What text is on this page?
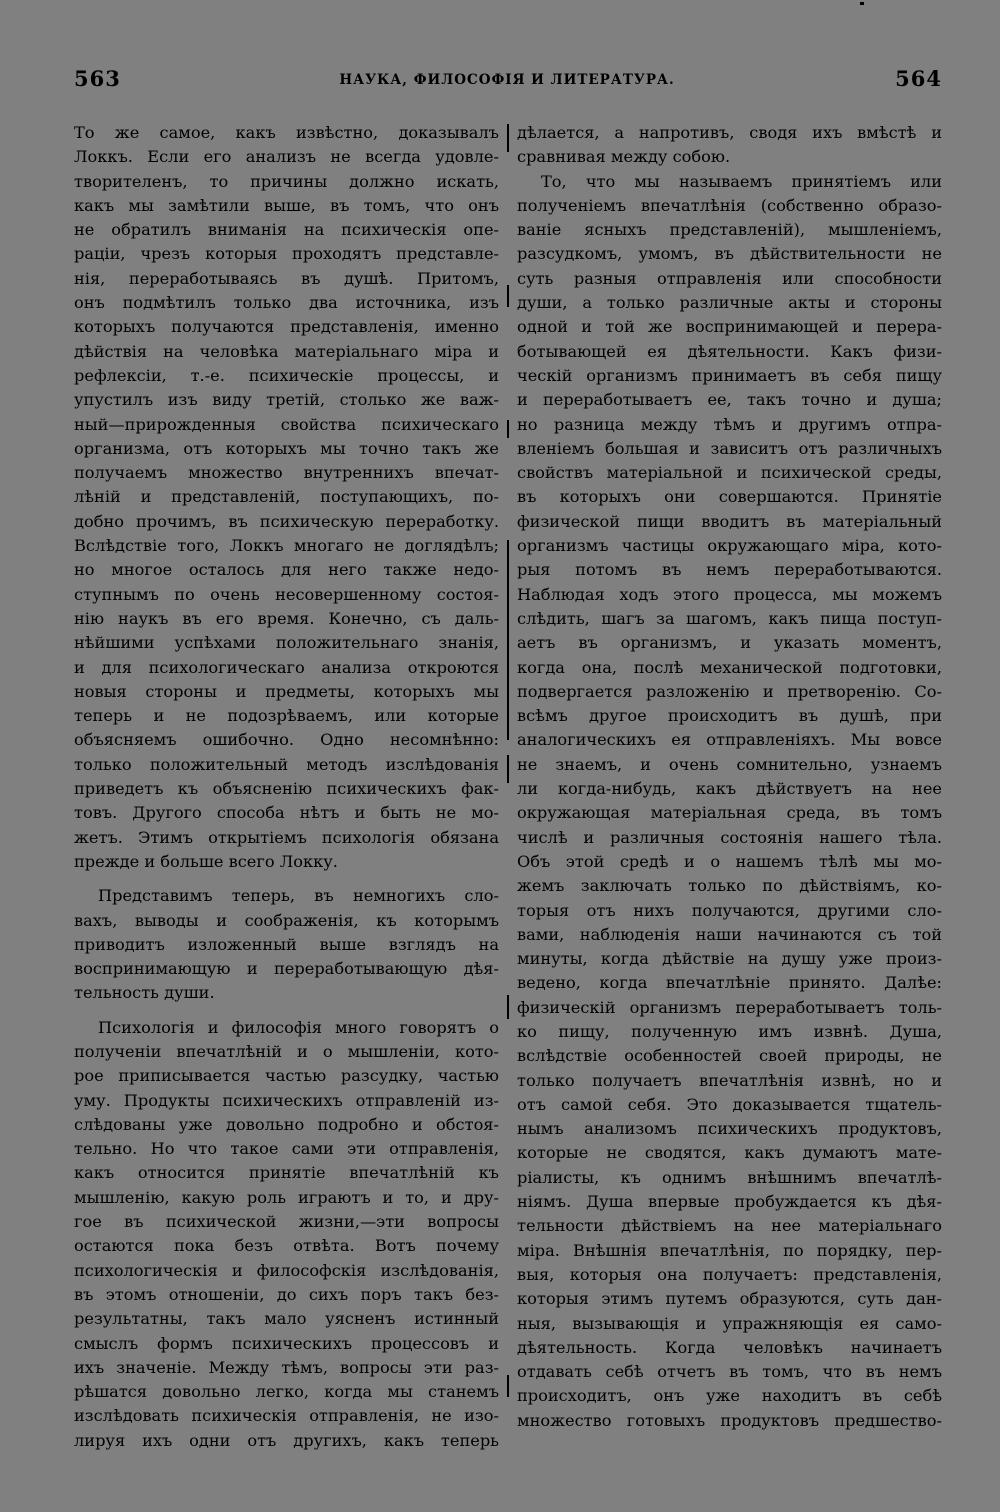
563	НАУКА, ФИЛОСОФІЯ И ЛИТЕРАТУРА.	564
То же самое, какъ извѣстно, доказывалъ
Локкъ. Если его анализъ не всегда удовле-
творителенъ, то причины должно искать,
какъ мы замѣтили выше, въ томъ, что онъ
не обратилъ вниманія на психическія опе-
раціи, чрезъ которыя проходятъ представле-
нія, переработываясь въ душѣ. Притомъ,
онъ подмѣтилъ только два источника, изъ
которыхъ получаются представленія, именно
дѣйствія на человѣка матеріальнаго міра и
рефлексіи, т.-е. психическіе процессы, и
упустилъ изъ виду третій, столько же важ-
ный—прирожденныя свойства психическаго
организма, отъ которыхъ мы точно такъ же
получаемъ множество внутреннихъ впечат-
лѣній и представленій, поступающихъ, по-
добно прочимъ, въ психическую переработку.
Вслѣдствіе того, Локкъ многаго не доглядѣлъ;
но многое осталось для него также недо-
ступнымъ по очень несовершенному состоя-
нію наукъ въ его время. Конечно, съ даль-
нѣйшими успѣхами положительнаго знанія,
и для психологическаго анализа откроются
новыя стороны и предметы, которыхъ мы
теперь и не подозрѣваемъ, или которые
объясняемъ ошибочно. Одно несомнѣнно:
только положительный методъ изслѣдованія
приведетъ къ объясненію психическихъ фак-
товъ. Другого способа нѣтъ и быть не мо-
жетъ. Этимъ открытіемъ психологія обязана
прежде и больше всего Локку.
Представимъ теперь, въ немногихъ сло-
вахъ, выводы и соображенія, къ которымъ
приводитъ изложенный выше взглядъ на
воспринимающую и переработывающую дѣя-
тельность души.
Психологія и философія много говорятъ о
полученіи впечатлѣній и о мышленіи, кото-
рое приписывается частью разсудку, частью
уму. Продукты психическихъ отправленій из-
слѣдованы уже довольно подробно и обстоя-
тельно. Но что такое сами эти отправленія,
какъ относится принятіе впечатлѣній къ
мышленію, какую роль играютъ и то, и дру-
гое въ психической жизни,—эти вопросы
остаются пока безъ отвѣта. Вотъ почему
психологическія и философскія изслѣдованія,
въ этомъ отношеніи, до сихъ поръ такъ без-
результатны, такъ мало уясненъ истинный
смыслъ формъ психическихъ процессовъ и
ихъ значеніе. Между тѣмъ, вопросы эти раз-
рѣшатся довольно легко, когда мы станемъ
изслѣдовать психическія отправленія, не изо-
лируя ихъ одни отъ другихъ, какъ теперь
дѣлается, а напротивъ, сводя ихъ вмѣстѣ и
сравнивая между собою.
То, что мы называемъ принятіемъ или
полученіемъ впечатлѣнія (собственно образо-
ваніе ясныхъ представленій), мышленіемъ,
разсудкомъ, умомъ, въ дѣйствительности не
суть разныя отправленія или способности
души, а только различные акты и стороны
одной и той же воспринимающей и перера-
ботывающей ея дѣятельности. Какъ физи-
ческій организмъ принимаетъ въ себя пищу
и переработываетъ ее, такъ точно и душа;
но разница между тѣмъ и другимъ отпра-
вленіемъ большая и зависитъ отъ различныхъ
свойствъ матеріальной и психической среды,
въ которыхъ они совершаются. Принятіе
физической пищи вводитъ въ матеріальный
организмъ частицы окружающаго міра, кото-
рыя потомъ въ немъ переработываются.
Наблюдая ходъ этого процесса, мы можемъ
слѣдить, шагъ за шагомъ, какъ пища поступ-
аетъ въ организмъ, и указать моментъ,
когда она, послѣ механической подготовки,
подвергается разложенію и претворенію. Со-
всѣмъ другое происходитъ въ душѣ, при
аналогическихъ ея отправленіяхъ. Мы вовсе
не знаемъ, и очень сомнительно, узнаемъ
ли когда-нибудь, какъ дѣйствуетъ на нее
окружающая матеріальная среда, въ томъ
числѣ и различныя состоянія нашего тѣла.
Объ этой средѣ и о нашемъ тѣлѣ мы мо-
жемъ заключать только по дѣйствіямъ, ко-
торыя отъ нихъ получаются, другими сло-
вами, наблюденія наши начинаются съ той
минуты, когда дѣйствіе на душу уже произ-
ведено, когда впечатлѣніе принято. Далѣе:
физическій организмъ переработываетъ толь-
ко пищу, полученную имъ извнѣ. Душа,
вслѣдствіе особенностей своей природы, не
только получаетъ впечатлѣнія извнѣ, но и
отъ самой себя. Это доказывается тщатель-
нымъ анализомъ психическихъ продуктовъ,
которые не сводятся, какъ думаютъ мате-
ріалисты, къ однимъ внѣшнимъ впечатлѣ-
ніямъ. Душа впервые пробуждается къ дѣя-
тельности дѣйствіемъ на нее матеріальнаго
міра. Внѣшнія впечатлѣнія, по порядку, пер-
выя, которыя она получаетъ: представленія,
которыя этимъ путемъ образуются, суть дан-
ныя, вызывающія и упражняющія ея само-
дѣятельность. Когда человѣкъ начинаетъ
отдавать себѣ отчетъ въ томъ, что въ немъ
происходитъ, онъ уже находитъ въ себѣ
множество готовыхъ продуктовъ предшество-
